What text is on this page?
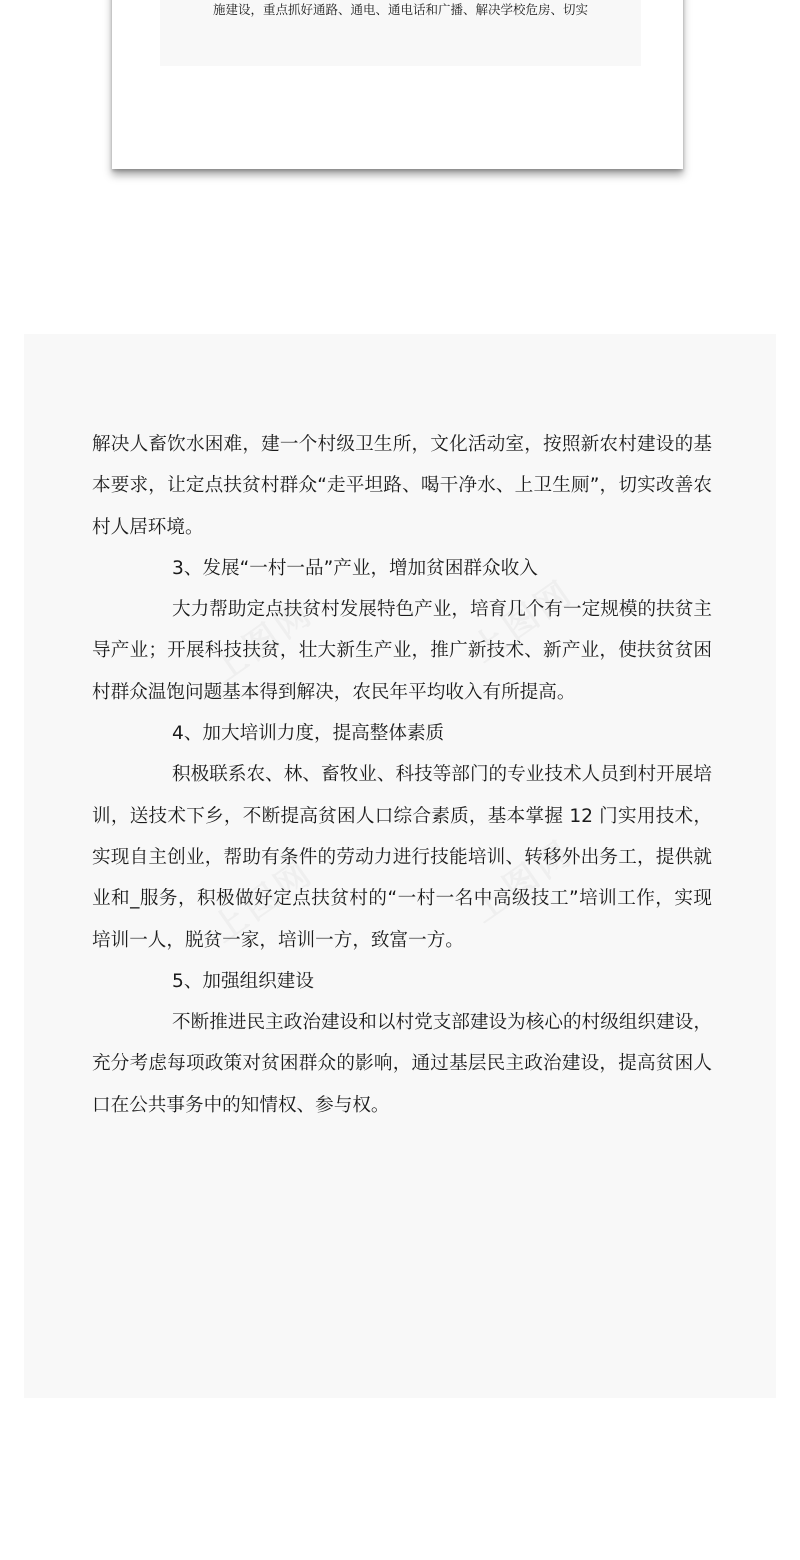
施建设，重点抓好通路、通电、通电话和广播、解决学校危房、切实

解决人畜饮水困难，建一个村级卫生所，文化活动室，按照新农村建设的基本要求，让定点扶贫村群众“走平坦路、喝干净水、上卫生厕”，切实改善农村人居环境。

3、发展“一村一品”产业，增加贫困群众收入

大力帮助定点扶贫村发展特色产业，培育几个有一定规模的扶贫主导产业；开展科技扶贫，壮大新生产业，推广新技术、新产业，使扶贫贫困村群众温饱问题基本得到解决，农民年平均收入有所提高。

4、加大培训力度，提高整体素质

积极联系农、林、畜牧业、科技等部门的专业技术人员到村开展培训，送技术下乡，不断提高贫困人口综合素质，基本掌握 12 门实用技术，实现自主创业，帮助有条件的劳动力进行技能培训、转移外出务工，提供就业和_服务，积极做好定点扶贫村的“一村一名中高级技工”培训工作，实现培训一人，脱贫一家，培训一方，致富一方。

5、加强组织建设

不断推进民主政治建设和以村党支部建设为核心的村级组织建设，充分考虑每项政策对贫困群众的影响，通过基层民主政治建设，提高贫困人口在公共事务中的知情权、参与权。
